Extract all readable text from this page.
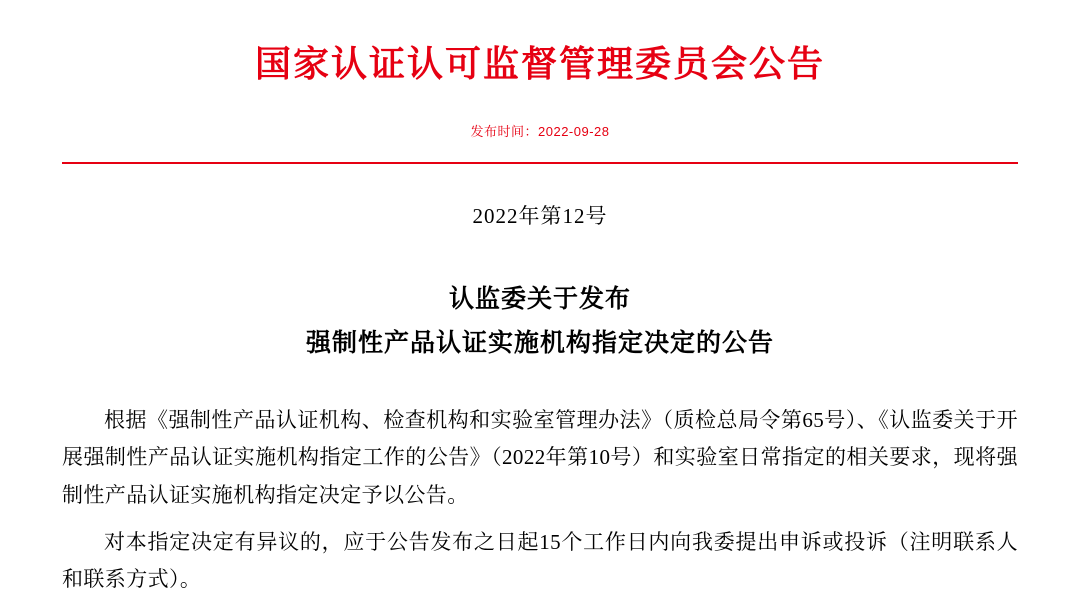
国家认证认可监督管理委员会公告
发布时间：2022-09-28
2022年第12号
认监委关于发布
强制性产品认证实施机构指定决定的公告

根据《强制性产品认证机构、检查机构和实验室管理办法》（质检总局令第65号）、《认监委关于开展强制性产品认证实施机构指定工作的公告》（2022年第10号）和实验室日常指定的相关要求，现将强制性产品认证实施机构指定决定予以公告。

对本指定决定有异议的，应于公告发布之日起15个工作日内向我委提出申诉或投诉（注明联系人和联系方式）。
